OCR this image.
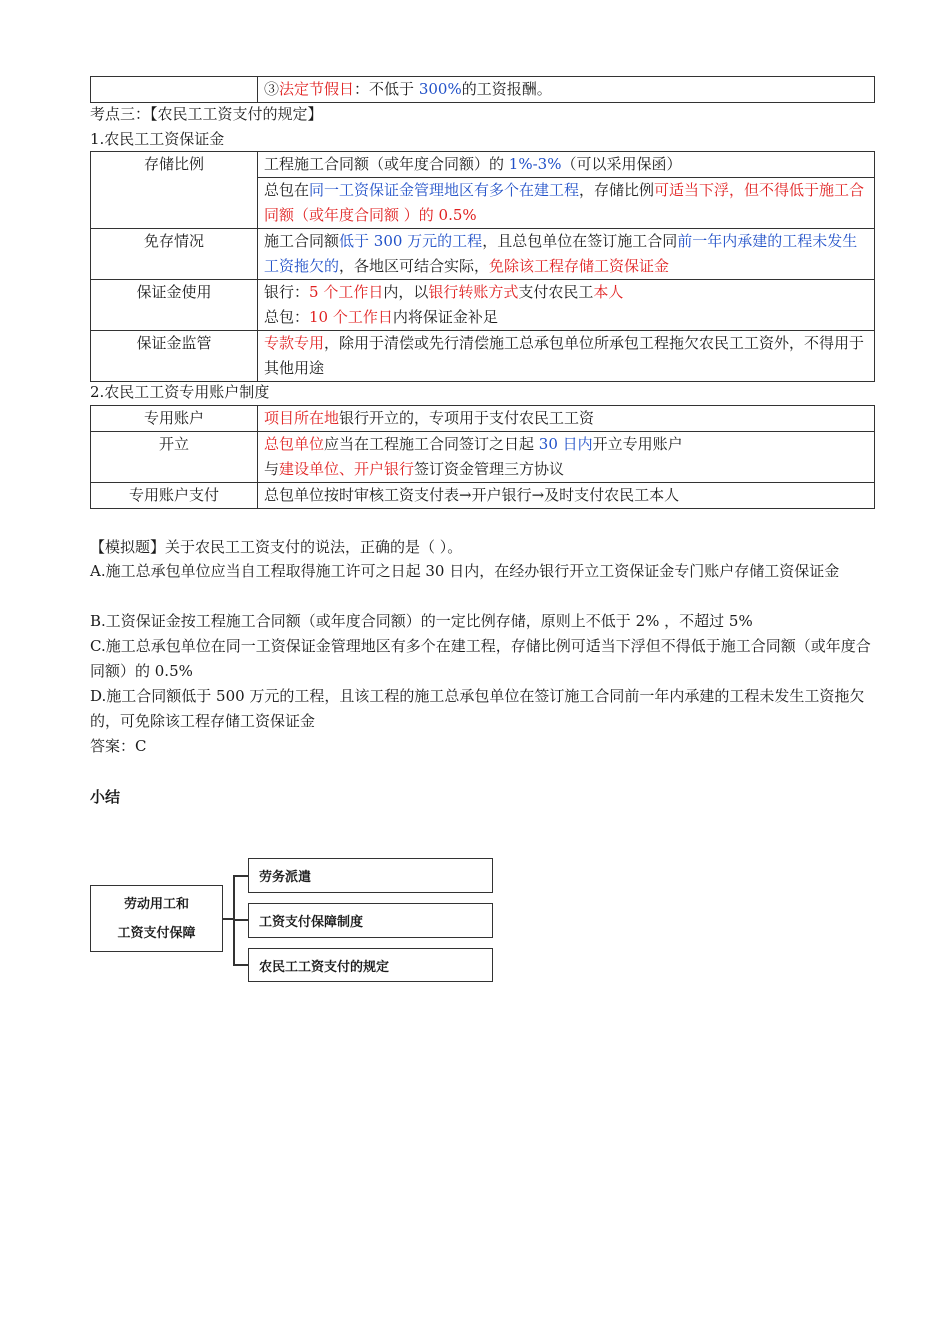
	③法定节假日：不低于 300%的工资报酬。
考点三：【农民工工资支付的规定】
1.农民工工资保证金
存储比例	工程施工合同额（或年度合同额）的 1%-3%（可以采用保函）
	总包在同一工资保证金管理地区有多个在建工程，存储比例可适当下浮，但不得低于施工合同额（或年度合同额 ）的 0.5%
免存情况	施工合同额低于 300 万元的工程，且总包单位在签订施工合同前一年内承建的工程未发生工资拖欠的，各地区可结合实际，免除该工程存储工资保证金
保证金使用	银行：5 个工作日内，以银行转账方式支付农民工本人
总包：10 个工作日内将保证金补足
保证金监管	专款专用，除用于清偿或先行清偿施工总承包单位所承包工程拖欠农民工工资外，不得用于其他用途
2.农民工工资专用账户制度
专用账户	项目所在地银行开立的，专项用于支付农民工工资
开立	总包单位应当在工程施工合同签订之日起 30 日内开立专用账户
与建设单位、开户银行签订资金管理三方协议
专用账户支付	总包单位按时审核工资支付表→开户银行→及时支付农民工本人
【模拟题】关于农民工工资支付的说法，正确的是（ ）。
A.施工总承包单位应当自工程取得施工许可之日起 30 日内，在经办银行开立工资保证金专门账户存储工资保证金
B.工资保证金按工程施工合同额（或年度合同额）的一定比例存储，原则上不低于 2% ，不超过 5%
C.施工总承包单位在同一工资保证金管理地区有多个在建工程，存储比例可适当下浮但不得低于施工合同额（或年度合同额）的 0.5%
D.施工合同额低于 500 万元的工程，且该工程的施工总承包单位在签订施工合同前一年内承建的工程未发生工资拖欠的，可免除该工程存储工资保证金
答案：C
小结
劳动用工和
工资支付保障
劳务派遣
工资支付保障制度
农民工工资支付的规定
